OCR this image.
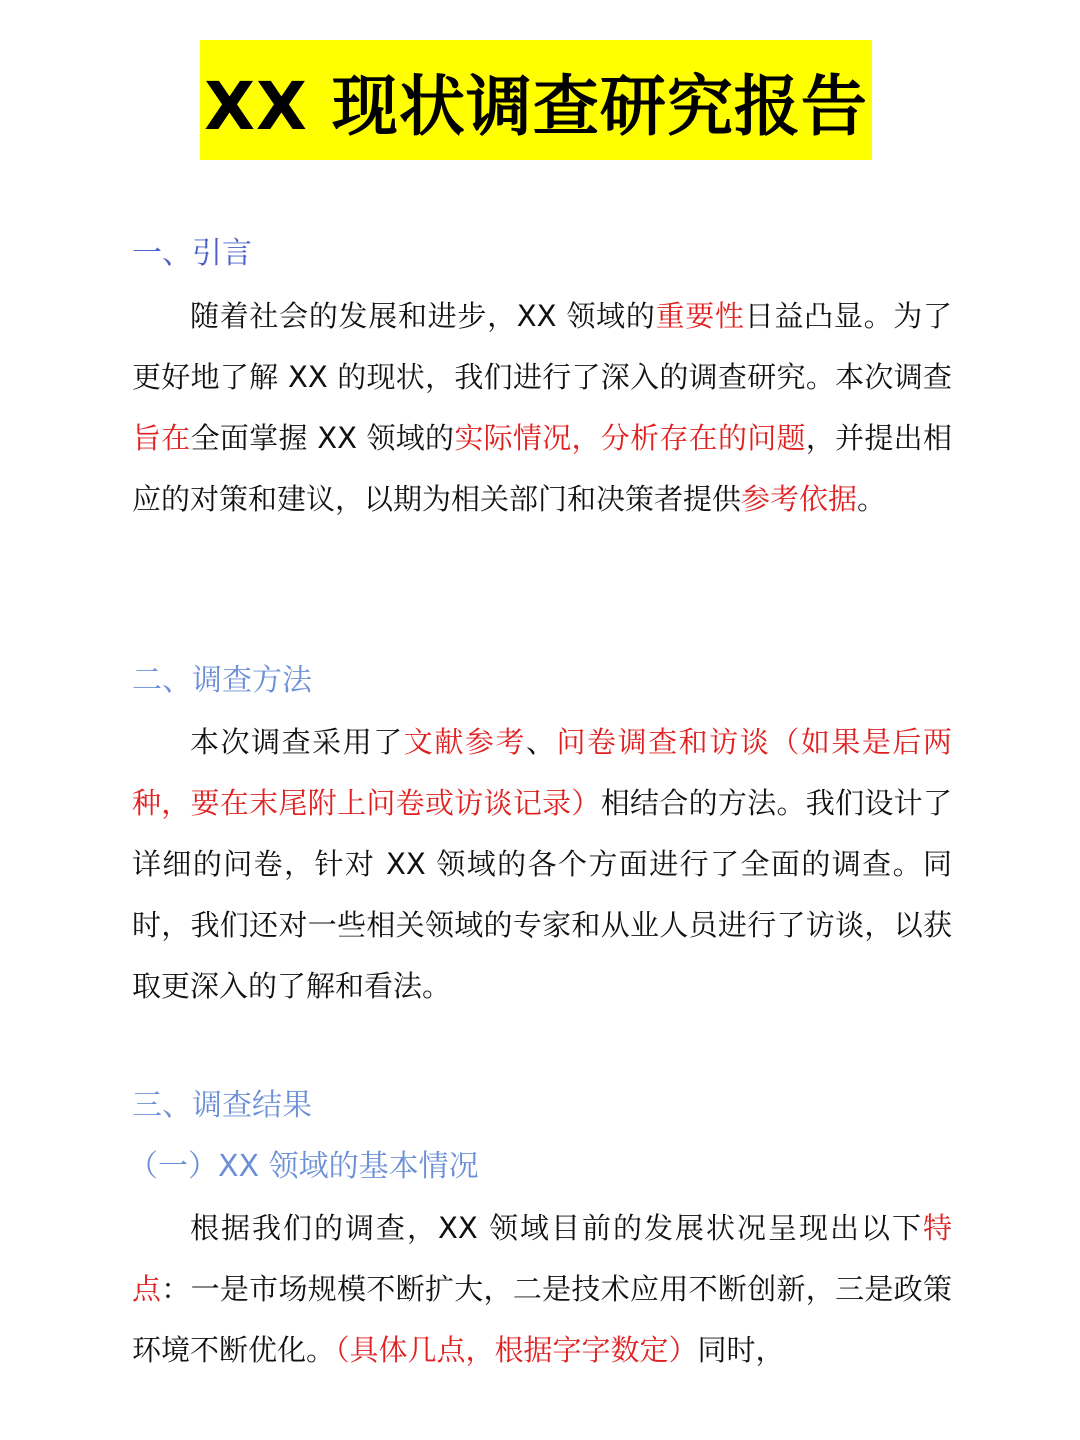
XX 现状调查研究报告
一、引言

随着社会的发展和进步，XX 领域的重要性日益凸显。为了更好地了解 XX 的现状，我们进行了深入的调查研究。本次调查旨在全面掌握 XX 领域的实际情况，分析存在的问题，并提出相应的对策和建议，以期为相关部门和决策者提供参考依据。

二、调查方法

本次调查采用了文献参考、问卷调查和访谈（如果是后两种，要在末尾附上问卷或访谈记录）相结合的方法。我们设计了详细的问卷，针对 XX 领域的各个方面进行了全面的调查。同时，我们还对一些相关领域的专家和从业人员进行了访谈，以获取更深入的了解和看法。

三、调查结果
（一）XX 领域的基本情况

根据我们的调查，XX 领域目前的发展状况呈现出以下特点：一是市场规模不断扩大，二是技术应用不断创新，三是政策环境不断优化。（具体几点，根据字字数定）同时，
